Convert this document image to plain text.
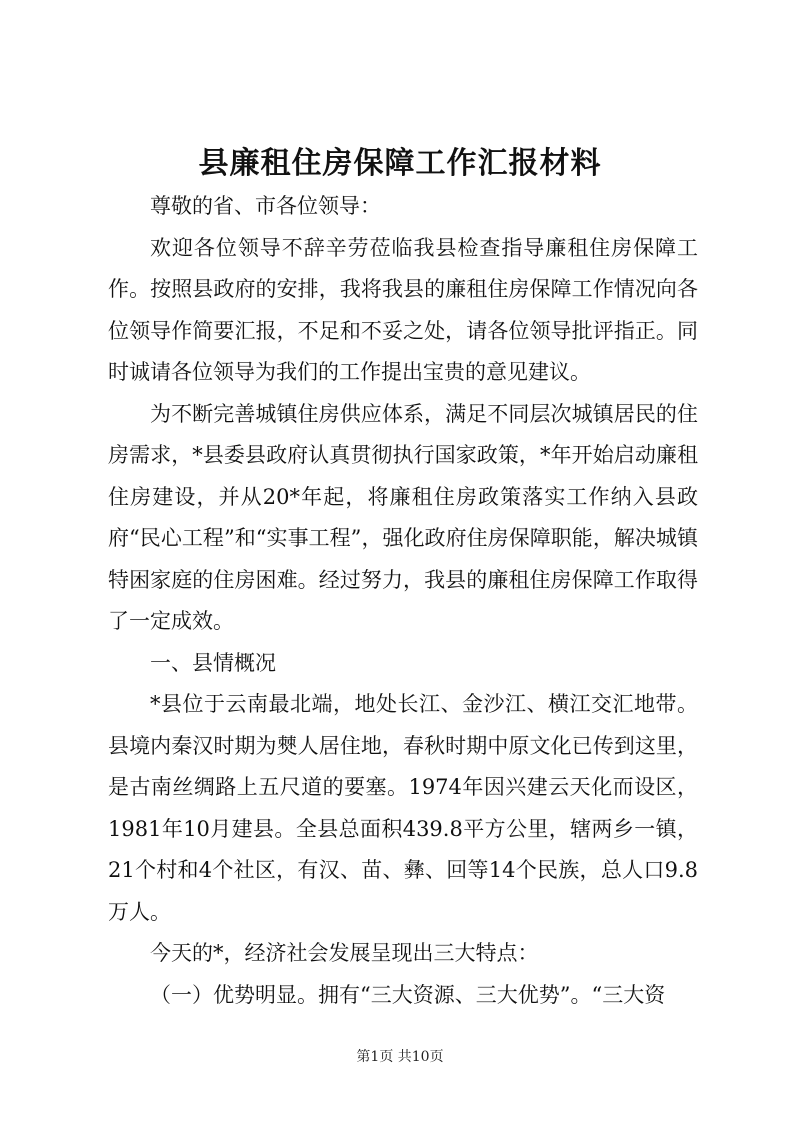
县廉租住房保障工作汇报材料

尊敬的省、市各位领导：

欢迎各位领导不辞辛劳莅临我县检查指导廉租住房保障工作。按照县政府的安排，我将我县的廉租住房保障工作情况向各位领导作简要汇报，不足和不妥之处，请各位领导批评指正。同时诚请各位领导为我们的工作提出宝贵的意见建议。

为不断完善城镇住房供应体系，满足不同层次城镇居民的住房需求，*县委县政府认真贯彻执行国家政策，*年开始启动廉租住房建设，并从20*年起，将廉租住房政策落实工作纳入县政府“民心工程”和“实事工程”，强化政府住房保障职能，解决城镇特困家庭的住房困难。经过努力，我县的廉租住房保障工作取得了一定成效。

一、县情概况

*县位于云南最北端，地处长江、金沙江、横江交汇地带。县境内秦汉时期为僰人居住地，春秋时期中原文化已传到这里，是古南丝绸路上五尺道的要塞。1974年因兴建云天化而设区，1981年10月建县。全县总面积439.8平方公里，辖两乡一镇，21个村和4个社区，有汉、苗、彝、回等14个民族，总人口9.8万人。

今天的*，经济社会发展呈现出三大特点：

（一）优势明显。拥有“三大资源、三大优势”。“三大资

第1页 共10页
